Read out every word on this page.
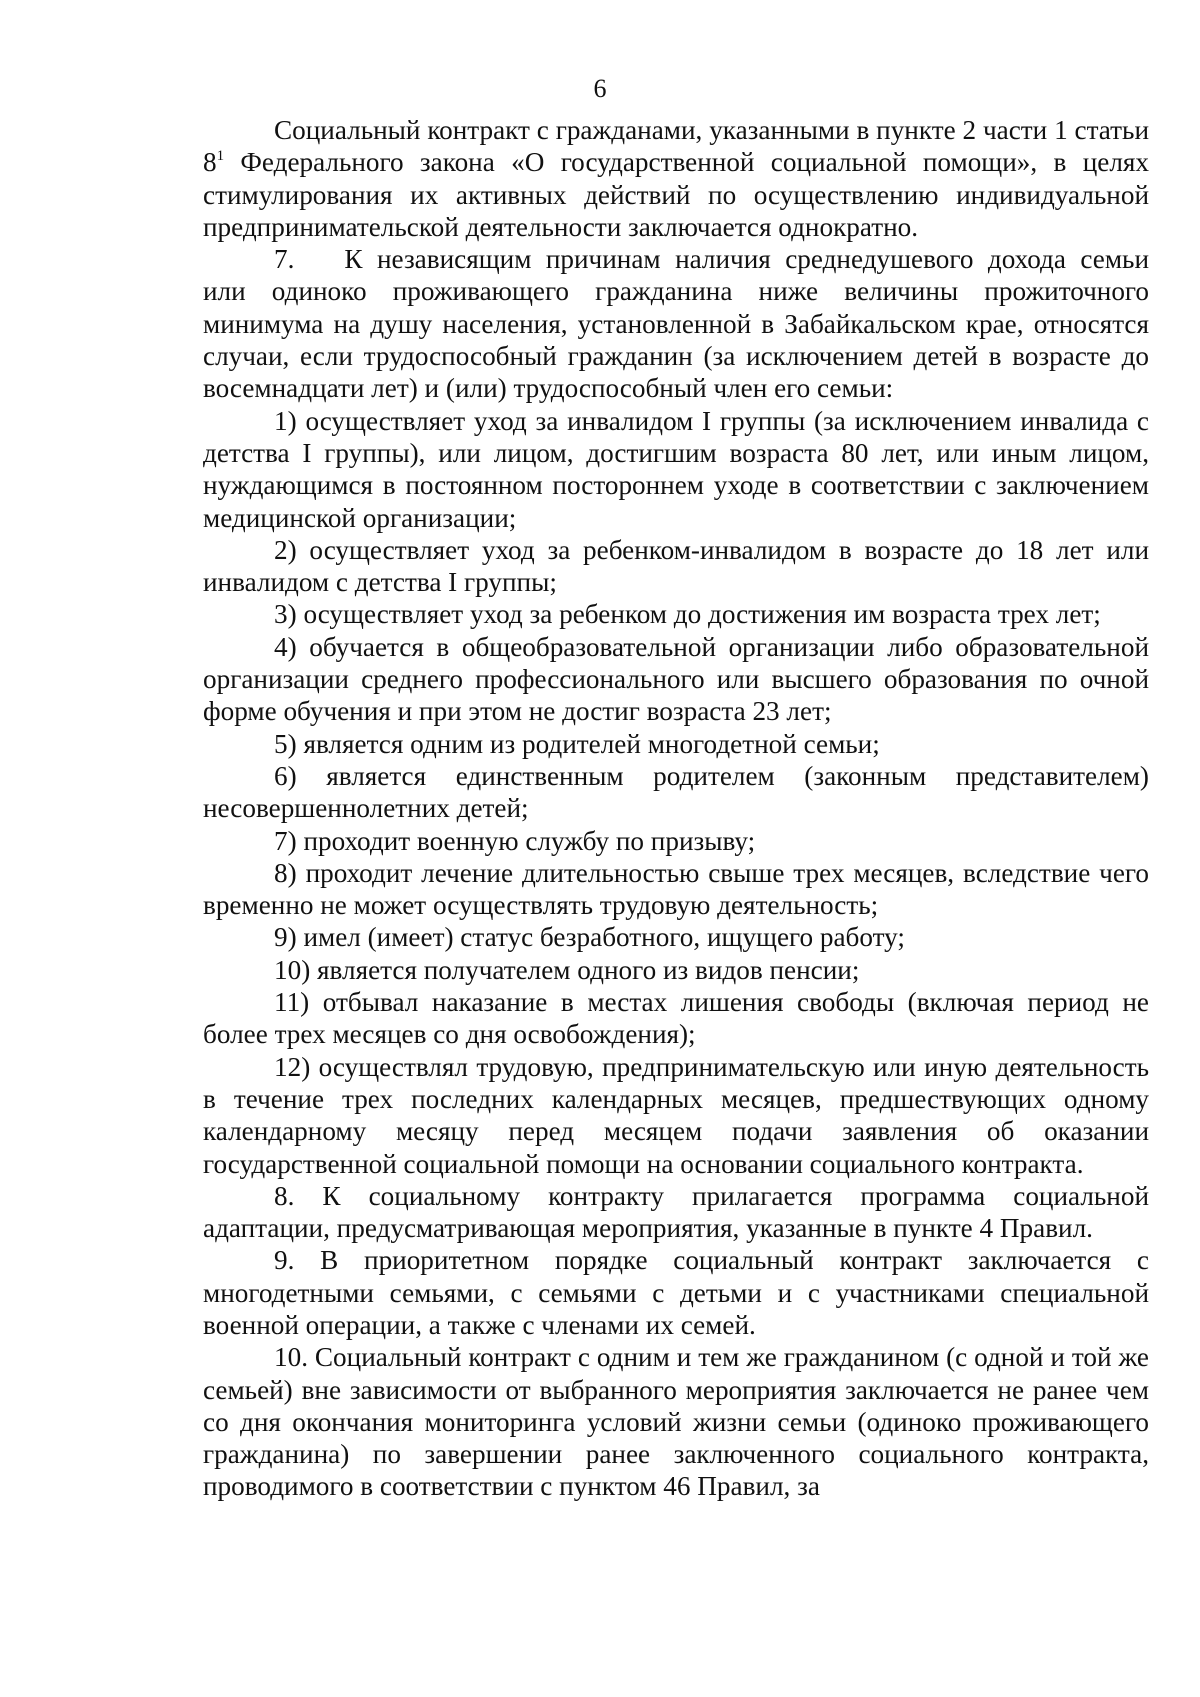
6

Социальный контракт с гражданами, указанными в пункте 2 части 1 статьи 8$^1$ Федерального закона «О государственной социальной помощи», в целях стимулирования их активных действий по осуществлению индивидуальной предпринимательской деятельности заключается однократно.

7. К независящим причинам наличия среднедушевого дохода семьи или одиноко проживающего гражданина ниже величины прожиточного минимума на душу населения, установленной в Забайкальском крае, относятся случаи, если трудоспособный гражданин (за исключением детей в возрасте до восемнадцати лет) и (или) трудоспособный член его семьи:

1) осуществляет уход за инвалидом I группы (за исключением инвалида с детства I группы), или лицом, достигшим возраста 80 лет, или иным лицом, нуждающимся в постоянном постороннем уходе в соответствии с заключением медицинской организации;

2) осуществляет уход за ребенком-инвалидом в возрасте до 18 лет или инвалидом с детства I группы;

3) осуществляет уход за ребенком до достижения им возраста трех лет;

4) обучается в общеобразовательной организации либо образовательной организации среднего профессионального или высшего образования по очной форме обучения и при этом не достиг возраста 23 лет;

5) является одним из родителей многодетной семьи;

6) является единственным родителем (законным представителем) несовершеннолетних детей;

7) проходит военную службу по призыву;

8) проходит лечение длительностью свыше трех месяцев, вследствие чего временно не может осуществлять трудовую деятельность;

9) имел (имеет) статус безработного, ищущего работу;

10) является получателем одного из видов пенсии;

11) отбывал наказание в местах лишения свободы (включая период не более трех месяцев со дня освобождения);

12) осуществлял трудовую, предпринимательскую или иную деятельность в течение трех последних календарных месяцев, предшествующих одному календарному месяцу перед месяцем подачи заявления об оказании государственной социальной помощи на основании социального контракта.

8. К социальному контракту прилагается программа социальной адаптации, предусматривающая мероприятия, указанные в пункте 4 Правил.

9. В приоритетном порядке социальный контракт заключается с многодетными семьями, с семьями с детьми и с участниками специальной военной операции, а также с членами их семей.

10. Социальный контракт с одним и тем же гражданином (с одной и той же семьей) вне зависимости от выбранного мероприятия заключается не ранее чем со дня окончания мониторинга условий жизни семьи (одиноко проживающего гражданина) по завершении ранее заключенного социального контракта, проводимого в соответствии с пунктом 46 Правил, за
